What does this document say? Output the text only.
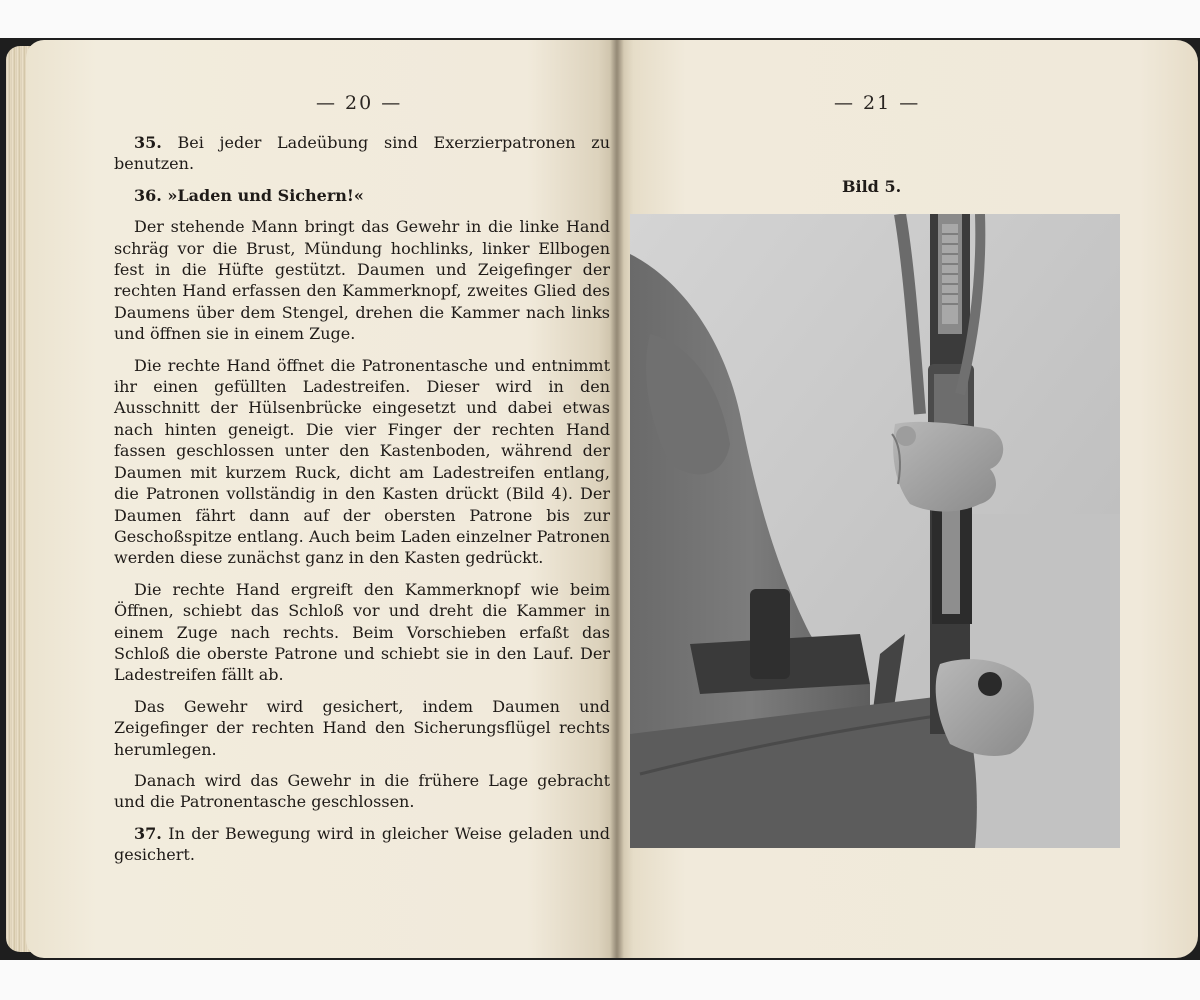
— 20 —

35. Bei jeder Ladeübung sind Exerzierpatronen zu benutzen.

36. »Laden und Sichern!«

Der stehende Mann bringt das Gewehr in die linke Hand schräg vor die Brust, Mündung hochlinks, linker Ellbogen fest in die Hüfte gestützt. Daumen und Zeigefinger der rechten Hand erfassen den Kammerknopf, zweites Glied des Daumens über dem Stengel, drehen die Kammer nach links und öffnen sie in einem Zuge.

Die rechte Hand öffnet die Patronentasche und entnimmt ihr einen gefüllten Ladestreifen. Dieser wird in den Ausschnitt der Hülsenbrücke eingesetzt und dabei etwas nach hinten geneigt. Die vier Finger der rechten Hand fassen geschlossen unter den Kastenboden, während der Daumen mit kurzem Ruck, dicht am Ladestreifen entlang, die Patronen vollständig in den Kasten drückt (Bild 4). Der Daumen fährt dann auf der obersten Patrone bis zur Geschoßspitze entlang. Auch beim Laden einzelner Patronen werden diese zunächst ganz in den Kasten gedrückt.

Die rechte Hand ergreift den Kammerknopf wie beim Öffnen, schiebt das Schloß vor und dreht die Kammer in einem Zuge nach rechts. Beim Vorschieben erfaßt das Schloß die oberste Patrone und schiebt sie in den Lauf. Der Ladestreifen fällt ab.

Das Gewehr wird gesichert, indem Daumen und Zeigefinger der rechten Hand den Sicherungsflügel rechts herumlegen.

Danach wird das Gewehr in die frühere Lage gebracht und die Patronentasche geschlossen.

37. In der Bewegung wird in gleicher Weise geladen und gesichert.

— 21 —
Bild 5.
